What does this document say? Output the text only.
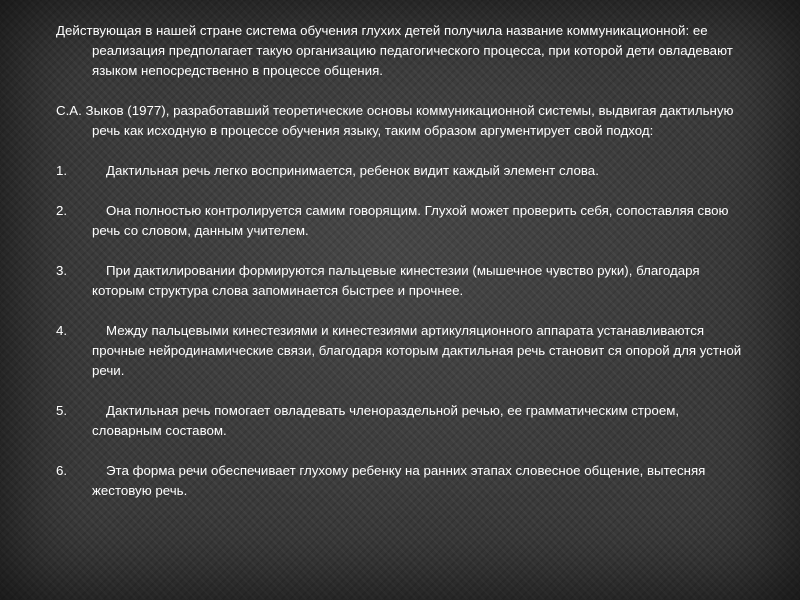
Действующая в нашей стране система обучения глухих детей получила название коммуникационной: ее реализация предполагает такую организацию педагогического процесса, при которой дети овладевают языком непосредственно в процессе общения.

С.А. Зыков (1977), разработавший теоретические основы коммуникационной системы, выдвигая дактильную речь как исходную в процессе обучения языку, таким образом аргументирует свой подход:

1.	Дактильная речь легко воспринимается, ребенок видит каждый элемент слова.
2.	Она полностью контролируется самим говорящим. Глухой может проверить себя, сопоставляя свою речь со словом, данным учителем.
3.	При дактилировании формируются пальцевые кинестезии (мышечное чувство руки), благодаря которым структура слова запоминается быстрее и прочнее.
4.	Между пальцевыми кинестезиями и кинестезиями артикуляционного аппарата устанавливаются прочные нейродинамические связи, благодаря которым дактильная речь становит ся опорой для устной речи.
5.	Дактильная речь помогает овладевать членораздельной речью, ее грамматическим строем, словарным составом.
6.	Эта форма речи обеспечивает глухому ребенку на ранних этапах словесное общение, вытесняя жестовую речь.
